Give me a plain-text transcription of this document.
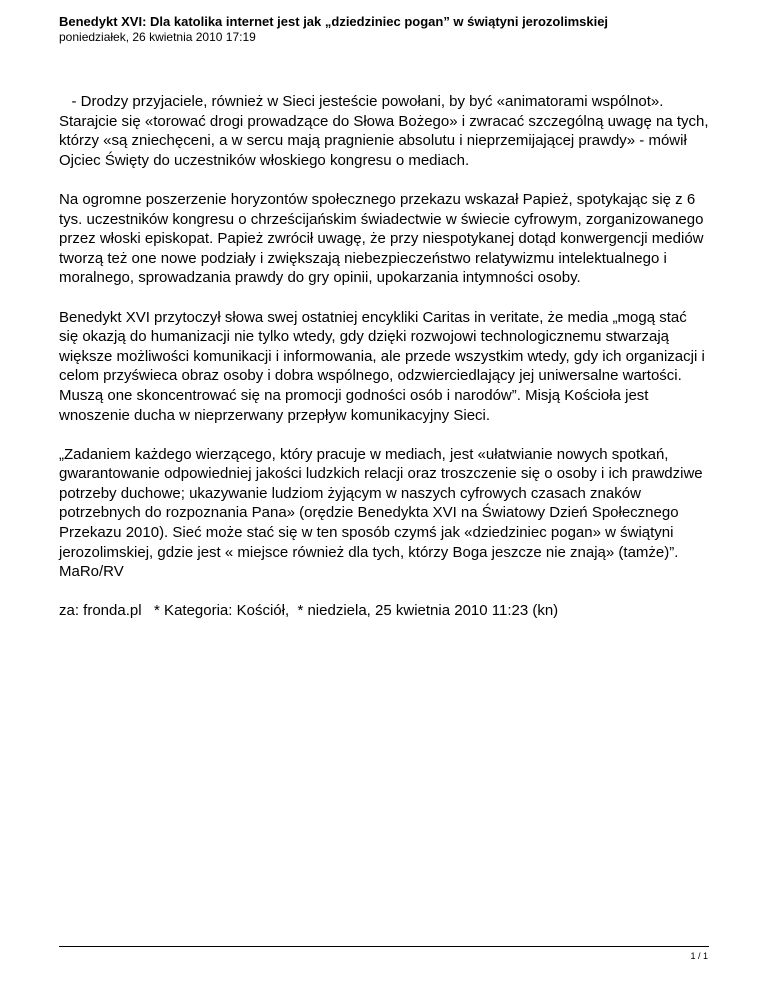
Benedykt XVI: Dla katolika internet jest jak „dziedziniec pogan” w świątyni jerozolimskiej

poniedziałek, 26 kwietnia 2010 17:19

- Drodzy przyjaciele, również w Sieci jesteście powołani, by być «animatorami wspólnot». Starajcie się «torować drogi prowadzące do Słowa Bożego» i zwracać szczególną uwagę na tych, którzy «są zniechęceni, a w sercu mają pragnienie absolutu i nieprzemijającej prawdy» - mówił Ojciec Święty do uczestników włoskiego kongresu o mediach.

Na ogromne poszerzenie horyzontów społecznego przekazu wskazał Papież, spotykając się z 6 tys. uczestników kongresu o chrześcijańskim świadectwie w świecie cyfrowym, zorganizowanego przez włoski episkopat. Papież zwrócił uwagę, że przy niespotykanej dotąd konwergencji mediów tworzą też one nowe podziały i zwiększają niebezpieczeństwo relatywizmu intelektualnego i moralnego, sprowadzania prawdy do gry opinii, upokarzania intymności osoby.

Benedykt XVI przytoczył słowa swej ostatniej encykliki Caritas in veritate, że media „mogą stać się okazją do humanizacji nie tylko wtedy, gdy dzięki rozwojowi technologicznemu stwarzają większe możliwości komunikacji i informowania, ale przede wszystkim wtedy, gdy ich organizacji i celom przyświeca obraz osoby i dobra wspólnego, odzwierciedlający jej uniwersalne wartości. Muszą one skoncentrować się na promocji godności osób i narodów”. Misją Kościoła jest wnoszenie ducha w nieprzerwany przepływ komunikacyjny Sieci.

„Zadaniem każdego wierzącego, który pracuje w mediach, jest «ułatwianie nowych spotkań, gwarantowanie odpowiedniej jakości ludzkich relacji oraz troszczenie się o osoby i ich prawdziwe potrzeby duchowe; ukazywanie ludziom żyjącym w naszych cyfrowych czasach znaków potrzebnych do rozpoznania Pana» (orędzie Benedykta XVI na Światowy Dzień Społecznego Przekazu 2010). Sieć może stać się w ten sposób czymś jak «dziedziniec pogan» w świątyni jerozolimskiej, gdzie jest « miejsce również dla tych, którzy Boga jeszcze nie znają» (tamże)”.

MaRo/RV

za: fronda.pl   * Kategoria: Kościół,  * niedziela, 25 kwietnia 2010 11:23 (kn)

1 / 1
